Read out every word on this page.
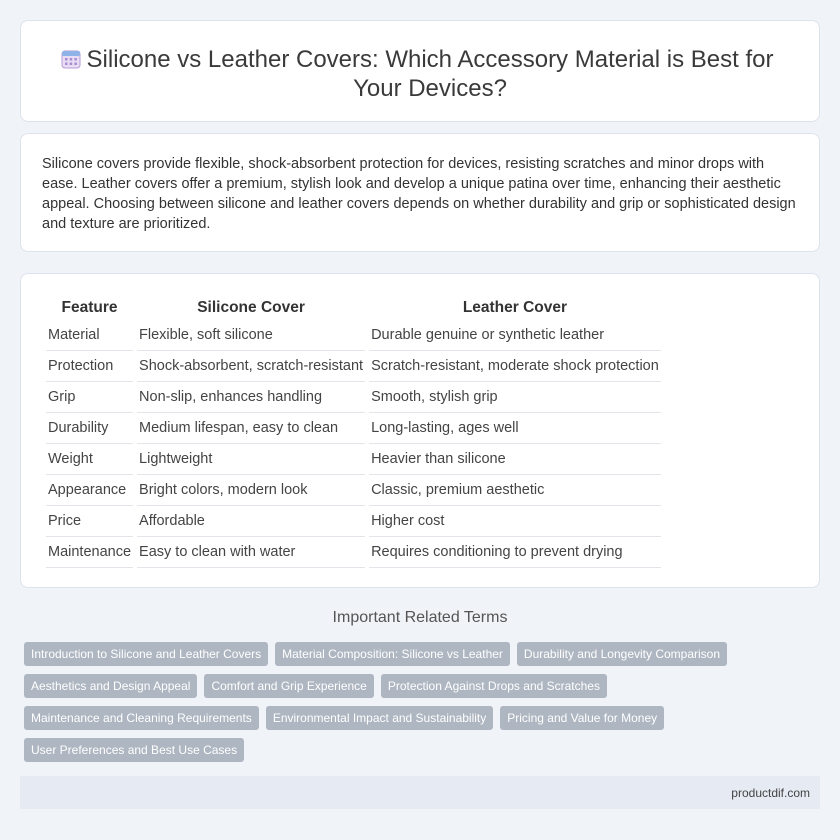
Silicone vs Leather Covers: Which Accessory Material is Best for Your Devices?

Silicone covers provide flexible, shock-absorbent protection for devices, resisting scratches and minor drops with ease. Leather covers offer a premium, stylish look and develop a unique patina over time, enhancing their aesthetic appeal. Choosing between silicone and leather covers depends on whether durability and grip or sophisticated design and texture are prioritized.

Feature	Silicone Cover	Leather Cover
Material	Flexible, soft silicone	Durable genuine or synthetic leather
Protection	Shock-absorbent, scratch-resistant	Scratch-resistant, moderate shock protection
Grip	Non-slip, enhances handling	Smooth, stylish grip
Durability	Medium lifespan, easy to clean	Long-lasting, ages well
Weight	Lightweight	Heavier than silicone
Appearance	Bright colors, modern look	Classic, premium aesthetic
Price	Affordable	Higher cost
Maintenance	Easy to clean with water	Requires conditioning to prevent drying
Important Related Terms
Introduction to Silicone and Leather Covers	Material Composition: Silicone vs Leather	Durability and Longevity Comparison
Aesthetics and Design Appeal	Comfort and Grip Experience	Protection Against Drops and Scratches
Maintenance and Cleaning Requirements	Environmental Impact and Sustainability	Pricing and Value for Money
User Preferences and Best Use Cases
productdif.com
